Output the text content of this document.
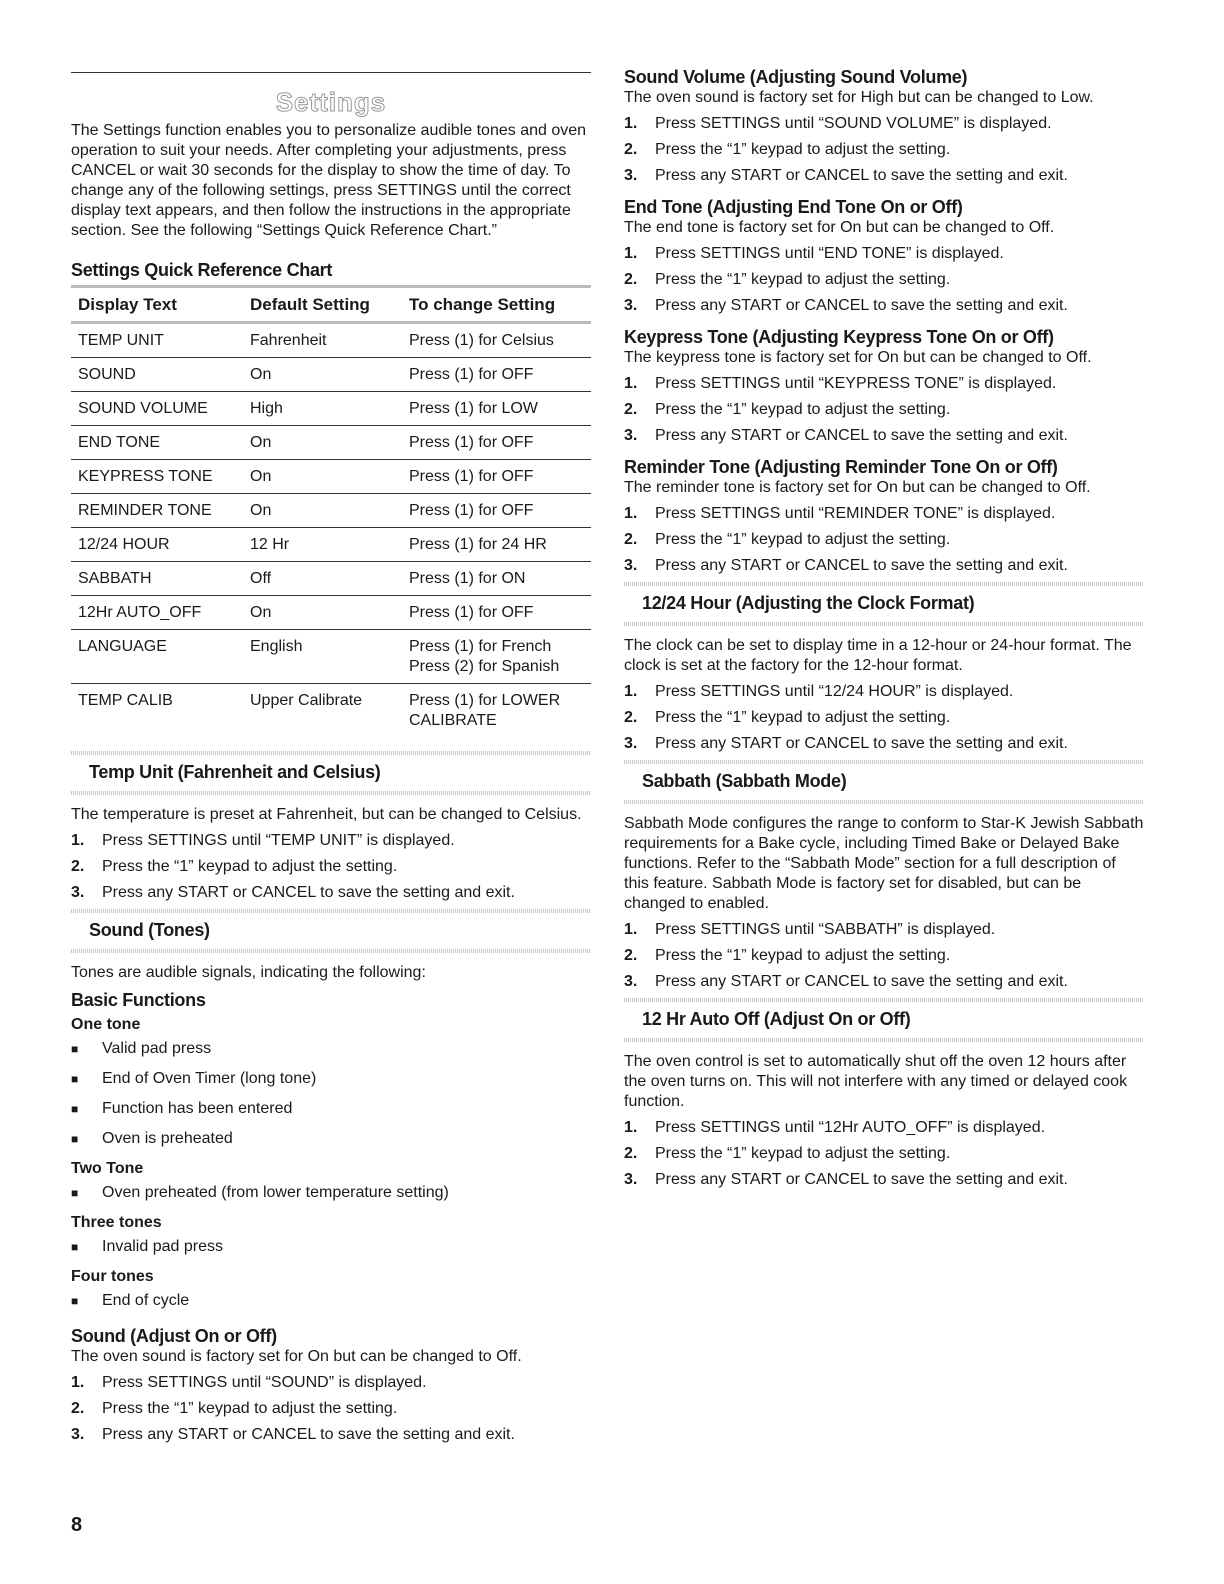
Settings

The Settings function enables you to personalize audible tones and oven operation to suit your needs. After completing your adjustments, press CANCEL or wait 30 seconds for the display to show the time of day. To change any of the following settings, press SETTINGS until the correct display text appears, and then follow the instructions in the appropriate section. See the following “Settings Quick Reference Chart.”

Settings Quick Reference Chart
Display Text	Default Setting	To change Setting
TEMP UNIT	Fahrenheit	Press (1) for Celsius
SOUND	On	Press (1) for OFF
SOUND VOLUME	High	Press (1) for LOW
END TONE	On	Press (1) for OFF
KEYPRESS TONE	On	Press (1) for OFF
REMINDER TONE	On	Press (1) for OFF
12/24 HOUR	12 Hr	Press (1) for 24 HR
SABBATH	Off	Press (1) for ON
12Hr AUTO_OFF	On	Press (1) for OFF
LANGUAGE	English	Press (1) for French
Press (2) for Spanish
TEMP CALIB	Upper Calibrate	Press (1) for LOWER
CALIBRATE
Temp Unit (Fahrenheit and Celsius)

The temperature is preset at Fahrenheit, but can be changed to Celsius.

1.	Press SETTINGS until “TEMP UNIT” is displayed.
2.	Press the “1” keypad to adjust the setting.
3.	Press any START or CANCEL to save the setting and exit.
Sound (Tones)

Tones are audible signals, indicating the following:

Basic Functions
One tone
■	Valid pad press
■	End of Oven Timer (long tone)
■	Function has been entered
■	Oven is preheated
Two Tone
■	Oven preheated (from lower temperature setting)
Three tones
■	Invalid pad press
Four tones
■	End of cycle
Sound (Adjust On or Off)

The oven sound is factory set for On but can be changed to Off.

1.	Press SETTINGS until “SOUND” is displayed.
2.	Press the “1” keypad to adjust the setting.
3.	Press any START or CANCEL to save the setting and exit.
Sound Volume (Adjusting Sound Volume)

The oven sound is factory set for High but can be changed to Low.

1.	Press SETTINGS until “SOUND VOLUME” is displayed.
2.	Press the “1” keypad to adjust the setting.
3.	Press any START or CANCEL to save the setting and exit.
End Tone (Adjusting End Tone On or Off)

The end tone is factory set for On but can be changed to Off.

1.	Press SETTINGS until “END TONE” is displayed.
2.	Press the “1” keypad to adjust the setting.
3.	Press any START or CANCEL to save the setting and exit.
Keypress Tone (Adjusting Keypress Tone On or Off)

The keypress tone is factory set for On but can be changed to Off.

1.	Press SETTINGS until “KEYPRESS TONE” is displayed.
2.	Press the “1” keypad to adjust the setting.
3.	Press any START or CANCEL to save the setting and exit.
Reminder Tone (Adjusting Reminder Tone On or Off)

The reminder tone is factory set for On but can be changed to Off.

1.	Press SETTINGS until “REMINDER TONE” is displayed.
2.	Press the “1” keypad to adjust the setting.
3.	Press any START or CANCEL to save the setting and exit.
12/24 Hour (Adjusting the Clock Format)

The clock can be set to display time in a 12-hour or 24-hour format. The clock is set at the factory for the 12-hour format.

1.	Press SETTINGS until “12/24 HOUR” is displayed.
2.	Press the “1” keypad to adjust the setting.
3.	Press any START or CANCEL to save the setting and exit.
Sabbath (Sabbath Mode)

Sabbath Mode configures the range to conform to Star-K Jewish Sabbath requirements for a Bake cycle, including Timed Bake or Delayed Bake functions. Refer to the “Sabbath Mode” section for a full description of this feature. Sabbath Mode is factory set for disabled, but can be changed to enabled.

1.	Press SETTINGS until “SABBATH” is displayed.
2.	Press the “1” keypad to adjust the setting.
3.	Press any START or CANCEL to save the setting and exit.
12 Hr Auto Off (Adjust On or Off)

The oven control is set to automatically shut off the oven 12 hours after the oven turns on. This will not interfere with any timed or delayed cook function.

1.	Press SETTINGS until “12Hr AUTO_OFF” is displayed.
2.	Press the “1” keypad to adjust the setting.
3.	Press any START or CANCEL to save the setting and exit.
8
